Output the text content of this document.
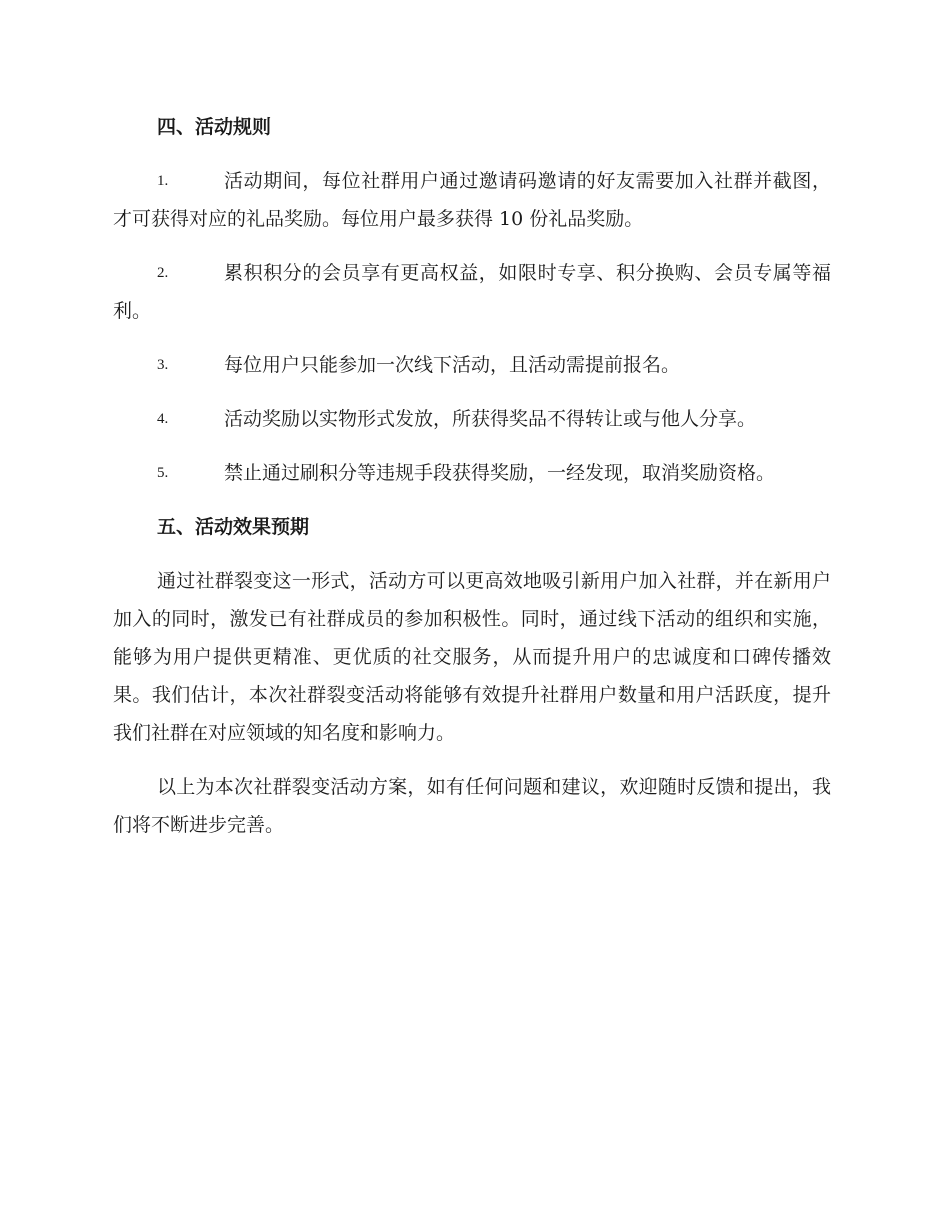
四、活动规则
1.	活动期间，每位社群用户通过邀请码邀请的好友需要加入社群并截图，才可获得对应的礼品奖励。每位用户最多获得 10 份礼品奖励。
2.	累积积分的会员享有更高权益，如限时专享、积分换购、会员专属等福利。
3.	每位用户只能参加一次线下活动，且活动需提前报名。
4.	活动奖励以实物形式发放，所获得奖品不得转让或与他人分享。
5.	禁止通过刷积分等违规手段获得奖励，一经发现，取消奖励资格。
五、活动效果预期

通过社群裂变这一形式，活动方可以更高效地吸引新用户加入社群，并在新用户加入的同时，激发已有社群成员的参加积极性。同时，通过线下活动的组织和实施，能够为用户提供更精准、更优质的社交服务，从而提升用户的忠诚度和口碑传播效果。我们估计，本次社群裂变活动将能够有效提升社群用户数量和用户活跃度，提升我们社群在对应领域的知名度和影响力。

以上为本次社群裂变活动方案，如有任何问题和建议，欢迎随时反馈和提出，我们将不断进步完善。
